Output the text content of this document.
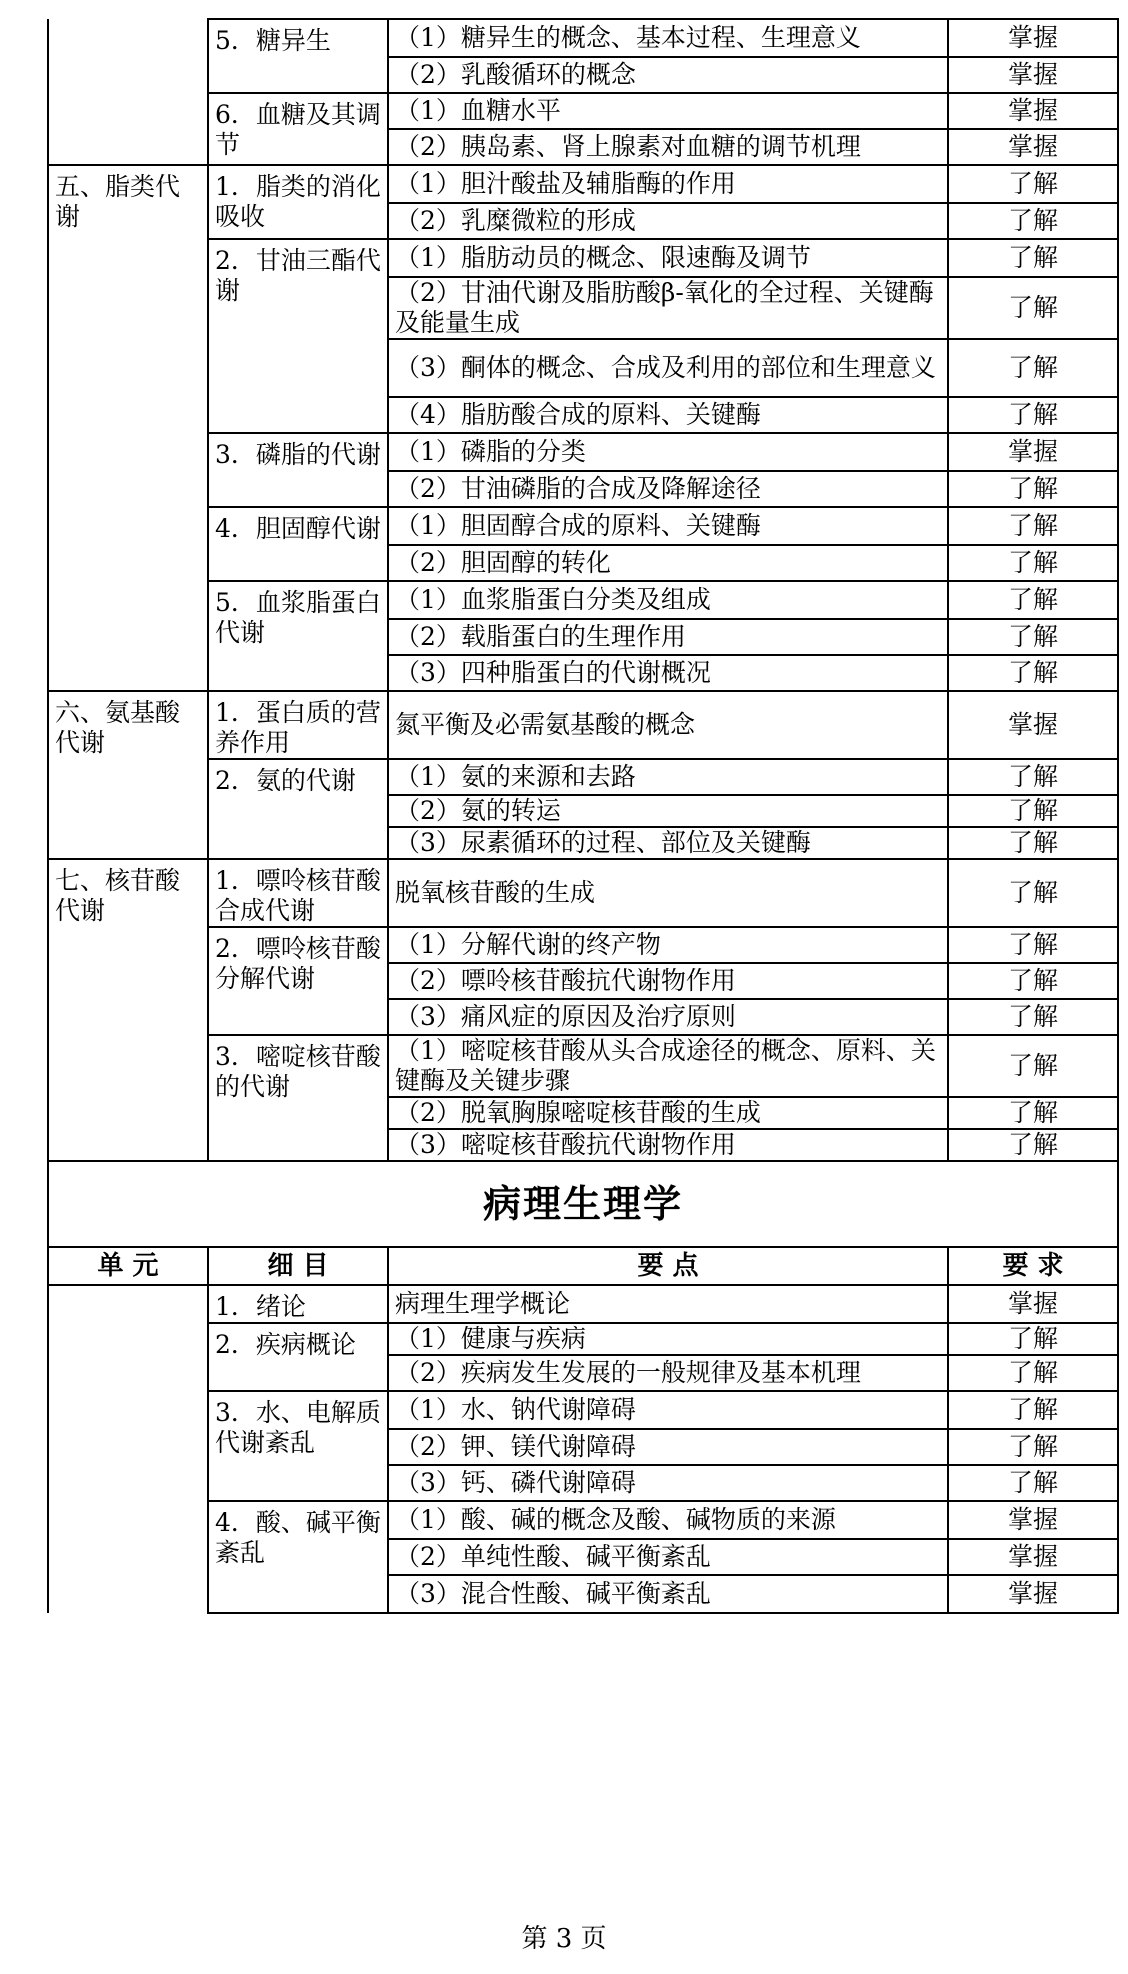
	5．糖异生	（1）糖异生的概念、基本过程、生理意义	掌握
		（2）乳酸循环的概念	掌握
	6．血糖及其调节	（1）血糖水平	掌握
		（2）胰岛素、肾上腺素对血糖的调节机理	掌握
五、脂类代谢	1．脂类的消化吸收	（1）胆汁酸盐及辅脂酶的作用	了解
		（2）乳糜微粒的形成	了解
	2．甘油三酯代谢	（1）脂肪动员的概念、限速酶及调节	了解
		（2）甘油代谢及脂肪酸β-氧化的全过程、关键酶及能量生成	了解
		（3）酮体的概念、合成及利用的部位和生理意义	了解
		（4）脂肪酸合成的原料、关键酶	了解
	3．磷脂的代谢	（1）磷脂的分类	掌握
		（2）甘油磷脂的合成及降解途径	了解
	4．胆固醇代谢	（1）胆固醇合成的原料、关键酶	了解
		（2）胆固醇的转化	了解
	5．血浆脂蛋白代谢	（1）血浆脂蛋白分类及组成	了解
		（2）载脂蛋白的生理作用	了解
		（3）四种脂蛋白的代谢概况	了解
六、氨基酸代谢	1．蛋白质的营养作用	氮平衡及必需氨基酸的概念	掌握
	2．氨的代谢	（1）氨的来源和去路	了解
		（2）氨的转运	了解
		（3）尿素循环的过程、部位及关键酶	了解
七、核苷酸代谢	1．嘌呤核苷酸合成代谢	脱氧核苷酸的生成	了解
	2．嘌呤核苷酸分解代谢	（1）分解代谢的终产物	了解
		（2）嘌呤核苷酸抗代谢物作用	了解
		（3）痛风症的原因及治疗原则	了解
	3．嘧啶核苷酸的代谢	（1）嘧啶核苷酸从头合成途径的概念、原料、关键酶及关键步骤	了解
		（2）脱氧胸腺嘧啶核苷酸的生成	了解
		（3）嘧啶核苷酸抗代谢物作用	了解
病理生理学			
单 元	细 目	要 点	要 求
	1．绪论	病理生理学概论	掌握
	2．疾病概论	（1）健康与疾病	了解
		（2）疾病发生发展的一般规律及基本机理	了解
	3．水、电解质代谢紊乱	（1）水、钠代谢障碍	了解
		（2）钾、镁代谢障碍	了解
		（3）钙、磷代谢障碍	了解
	4．酸、碱平衡紊乱	（1）酸、碱的概念及酸、碱物质的来源	掌握
		（2）单纯性酸、碱平衡紊乱	掌握
		（3）混合性酸、碱平衡紊乱	掌握
第 3 页
